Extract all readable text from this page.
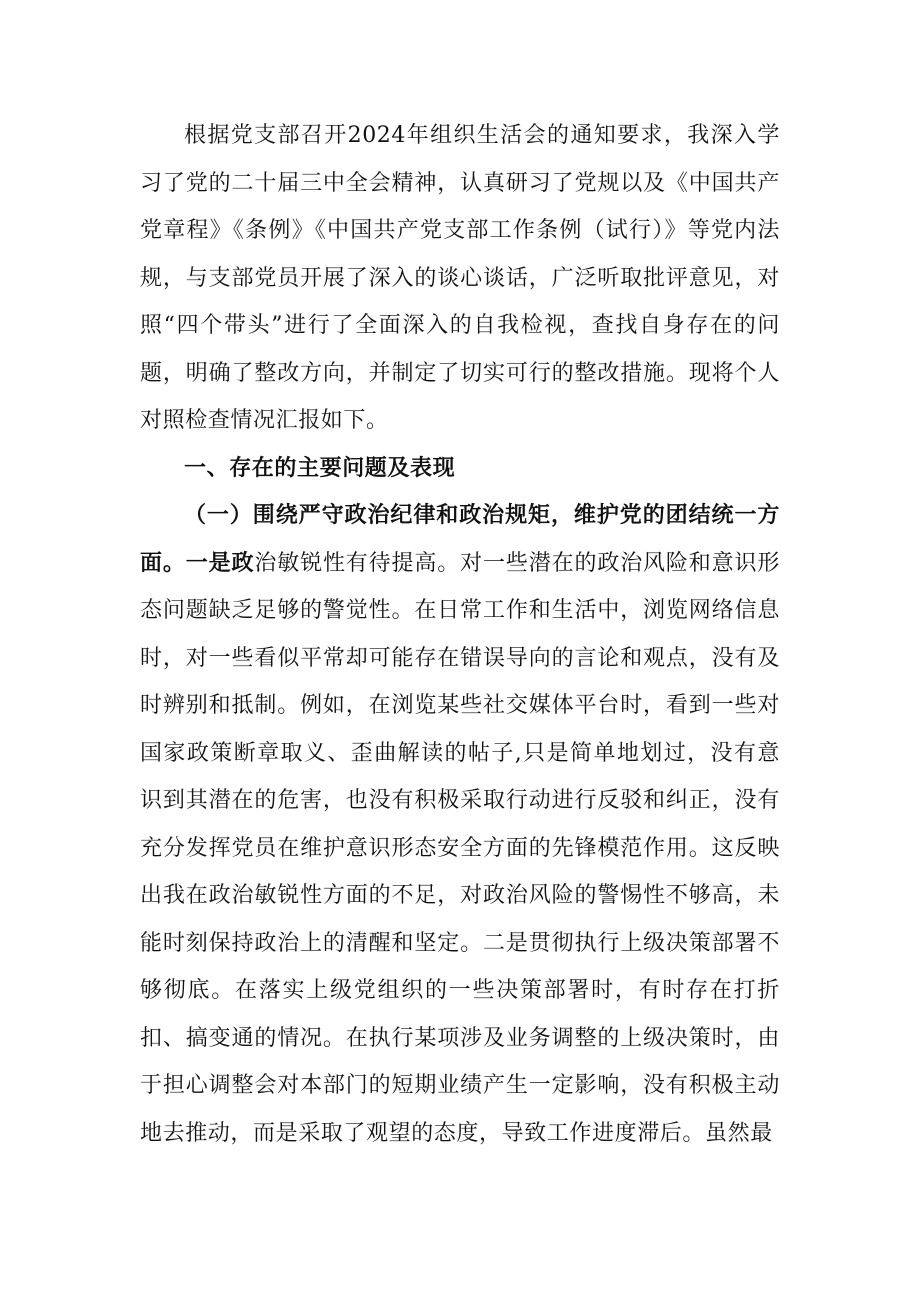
根据党支部召开2024年组织生活会的通知要求，我深入学习了党的二十届三中全会精神，认真研习了党规以及《中国共产党章程》《条例》《中国共产党支部工作条例（试行）》等党内法规，与支部党员开展了深入的谈心谈话，广泛听取批评意见，对照“四个带头”进行了全面深入的自我检视，查找自身存在的问题，明确了整改方向，并制定了切实可行的整改措施。现将个人对照检查情况汇报如下。

一、存在的主要问题及表现

（一）围绕严守政治纪律和政治规矩，维护党的团结统一方面。一是政治敏锐性有待提高。对一些潜在的政治风险和意识形态问题缺乏足够的警觉性。在日常工作和生活中，浏览网络信息时，对一些看似平常却可能存在错误导向的言论和观点，没有及时辨别和抵制。例如，在浏览某些社交媒体平台时，看到一些对国家政策断章取义、歪曲解读的帖子,只是简单地划过，没有意识到其潜在的危害，也没有积极采取行动进行反驳和纠正，没有充分发挥党员在维护意识形态安全方面的先锋模范作用。这反映出我在政治敏锐性方面的不足，对政治风险的警惕性不够高，未能时刻保持政治上的清醒和坚定。二是贯彻执行上级决策部署不够彻底。在落实上级党组织的一些决策部署时，有时存在打折扣、搞变通的情况。在执行某项涉及业务调整的上级决策时，由于担心调整会对本部门的短期业绩产生一定影响，没有积极主动地去推动，而是采取了观望的态度，导致工作进度滞后。虽然最
